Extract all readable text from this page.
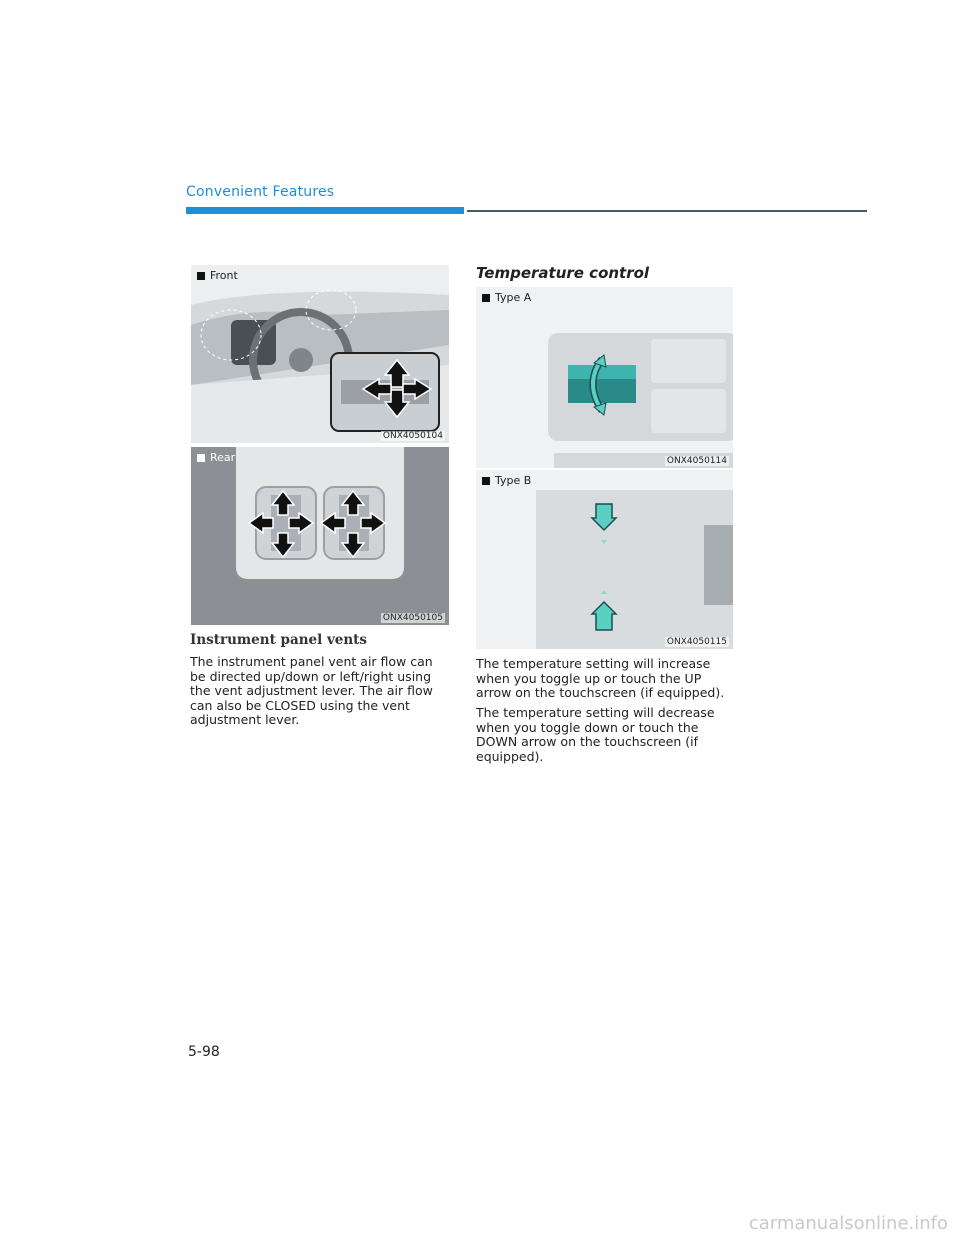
Convenient Features
Front
ONX4050104
Rear
ONX4050105
Instrument panel vents

The instrument panel vent air flow can be directed up/down or left/right using the vent adjustment lever. The air flow can also be CLOSED using the vent adjustment lever.

Temperature control
Type A
ONX4050114
Type B
ONX4050115

The temperature setting will increase when you toggle up or touch the UP arrow on the touchscreen (if equipped).

The temperature setting will decrease when you toggle down or touch the DOWN arrow on the touchscreen (if equipped).

5-98
carmanualsonline.info
